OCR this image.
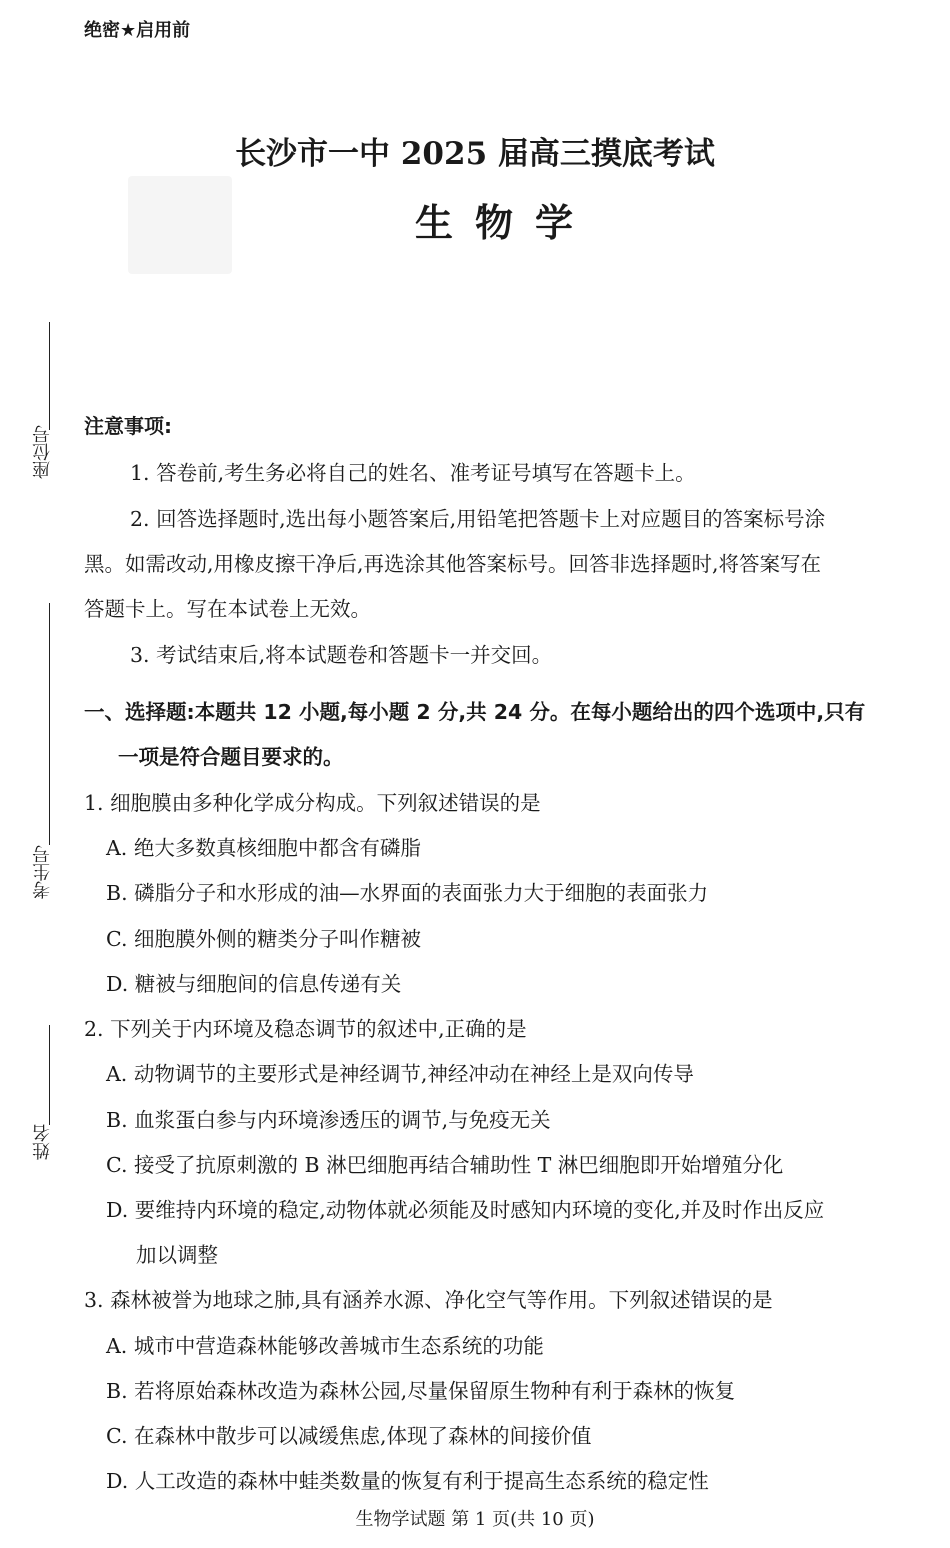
绝密★启用前
长沙市一中 2025 届高三摸底考试
生物学
座位号
考生号
姓名
注意事项:
1. 答卷前,考生务必将自己的姓名、准考证号填写在答题卡上。
2. 回答选择题时,选出每小题答案后,用铅笔把答题卡上对应题目的答案标号涂
黑。如需改动,用橡皮擦干净后,再选涂其他答案标号。回答非选择题时,将答案写在
答题卡上。写在本试卷上无效。
3. 考试结束后,将本试题卷和答题卡一并交回。
一、选择题:本题共 12 小题,每小题 2 分,共 24 分。在每小题给出的四个选项中,只有
一项是符合题目要求的。
1. 细胞膜由多种化学成分构成。下列叙述错误的是
A. 绝大多数真核细胞中都含有磷脂
B. 磷脂分子和水形成的油—水界面的表面张力大于细胞的表面张力
C. 细胞膜外侧的糖类分子叫作糖被
D. 糖被与细胞间的信息传递有关
2. 下列关于内环境及稳态调节的叙述中,正确的是
A. 动物调节的主要形式是神经调节,神经冲动在神经上是双向传导
B. 血浆蛋白参与内环境渗透压的调节,与免疫无关
C. 接受了抗原刺激的 B 淋巴细胞再结合辅助性 T 淋巴细胞即开始增殖分化
D. 要维持内环境的稳定,动物体就必须能及时感知内环境的变化,并及时作出反应
加以调整
3. 森林被誉为地球之肺,具有涵养水源、净化空气等作用。下列叙述错误的是
A. 城市中营造森林能够改善城市生态系统的功能
B. 若将原始森林改造为森林公园,尽量保留原生物种有利于森林的恢复
C. 在森林中散步可以减缓焦虑,体现了森林的间接价值
D. 人工改造的森林中蛙类数量的恢复有利于提高生态系统的稳定性
生物学试题 第 1 页(共 10 页)
